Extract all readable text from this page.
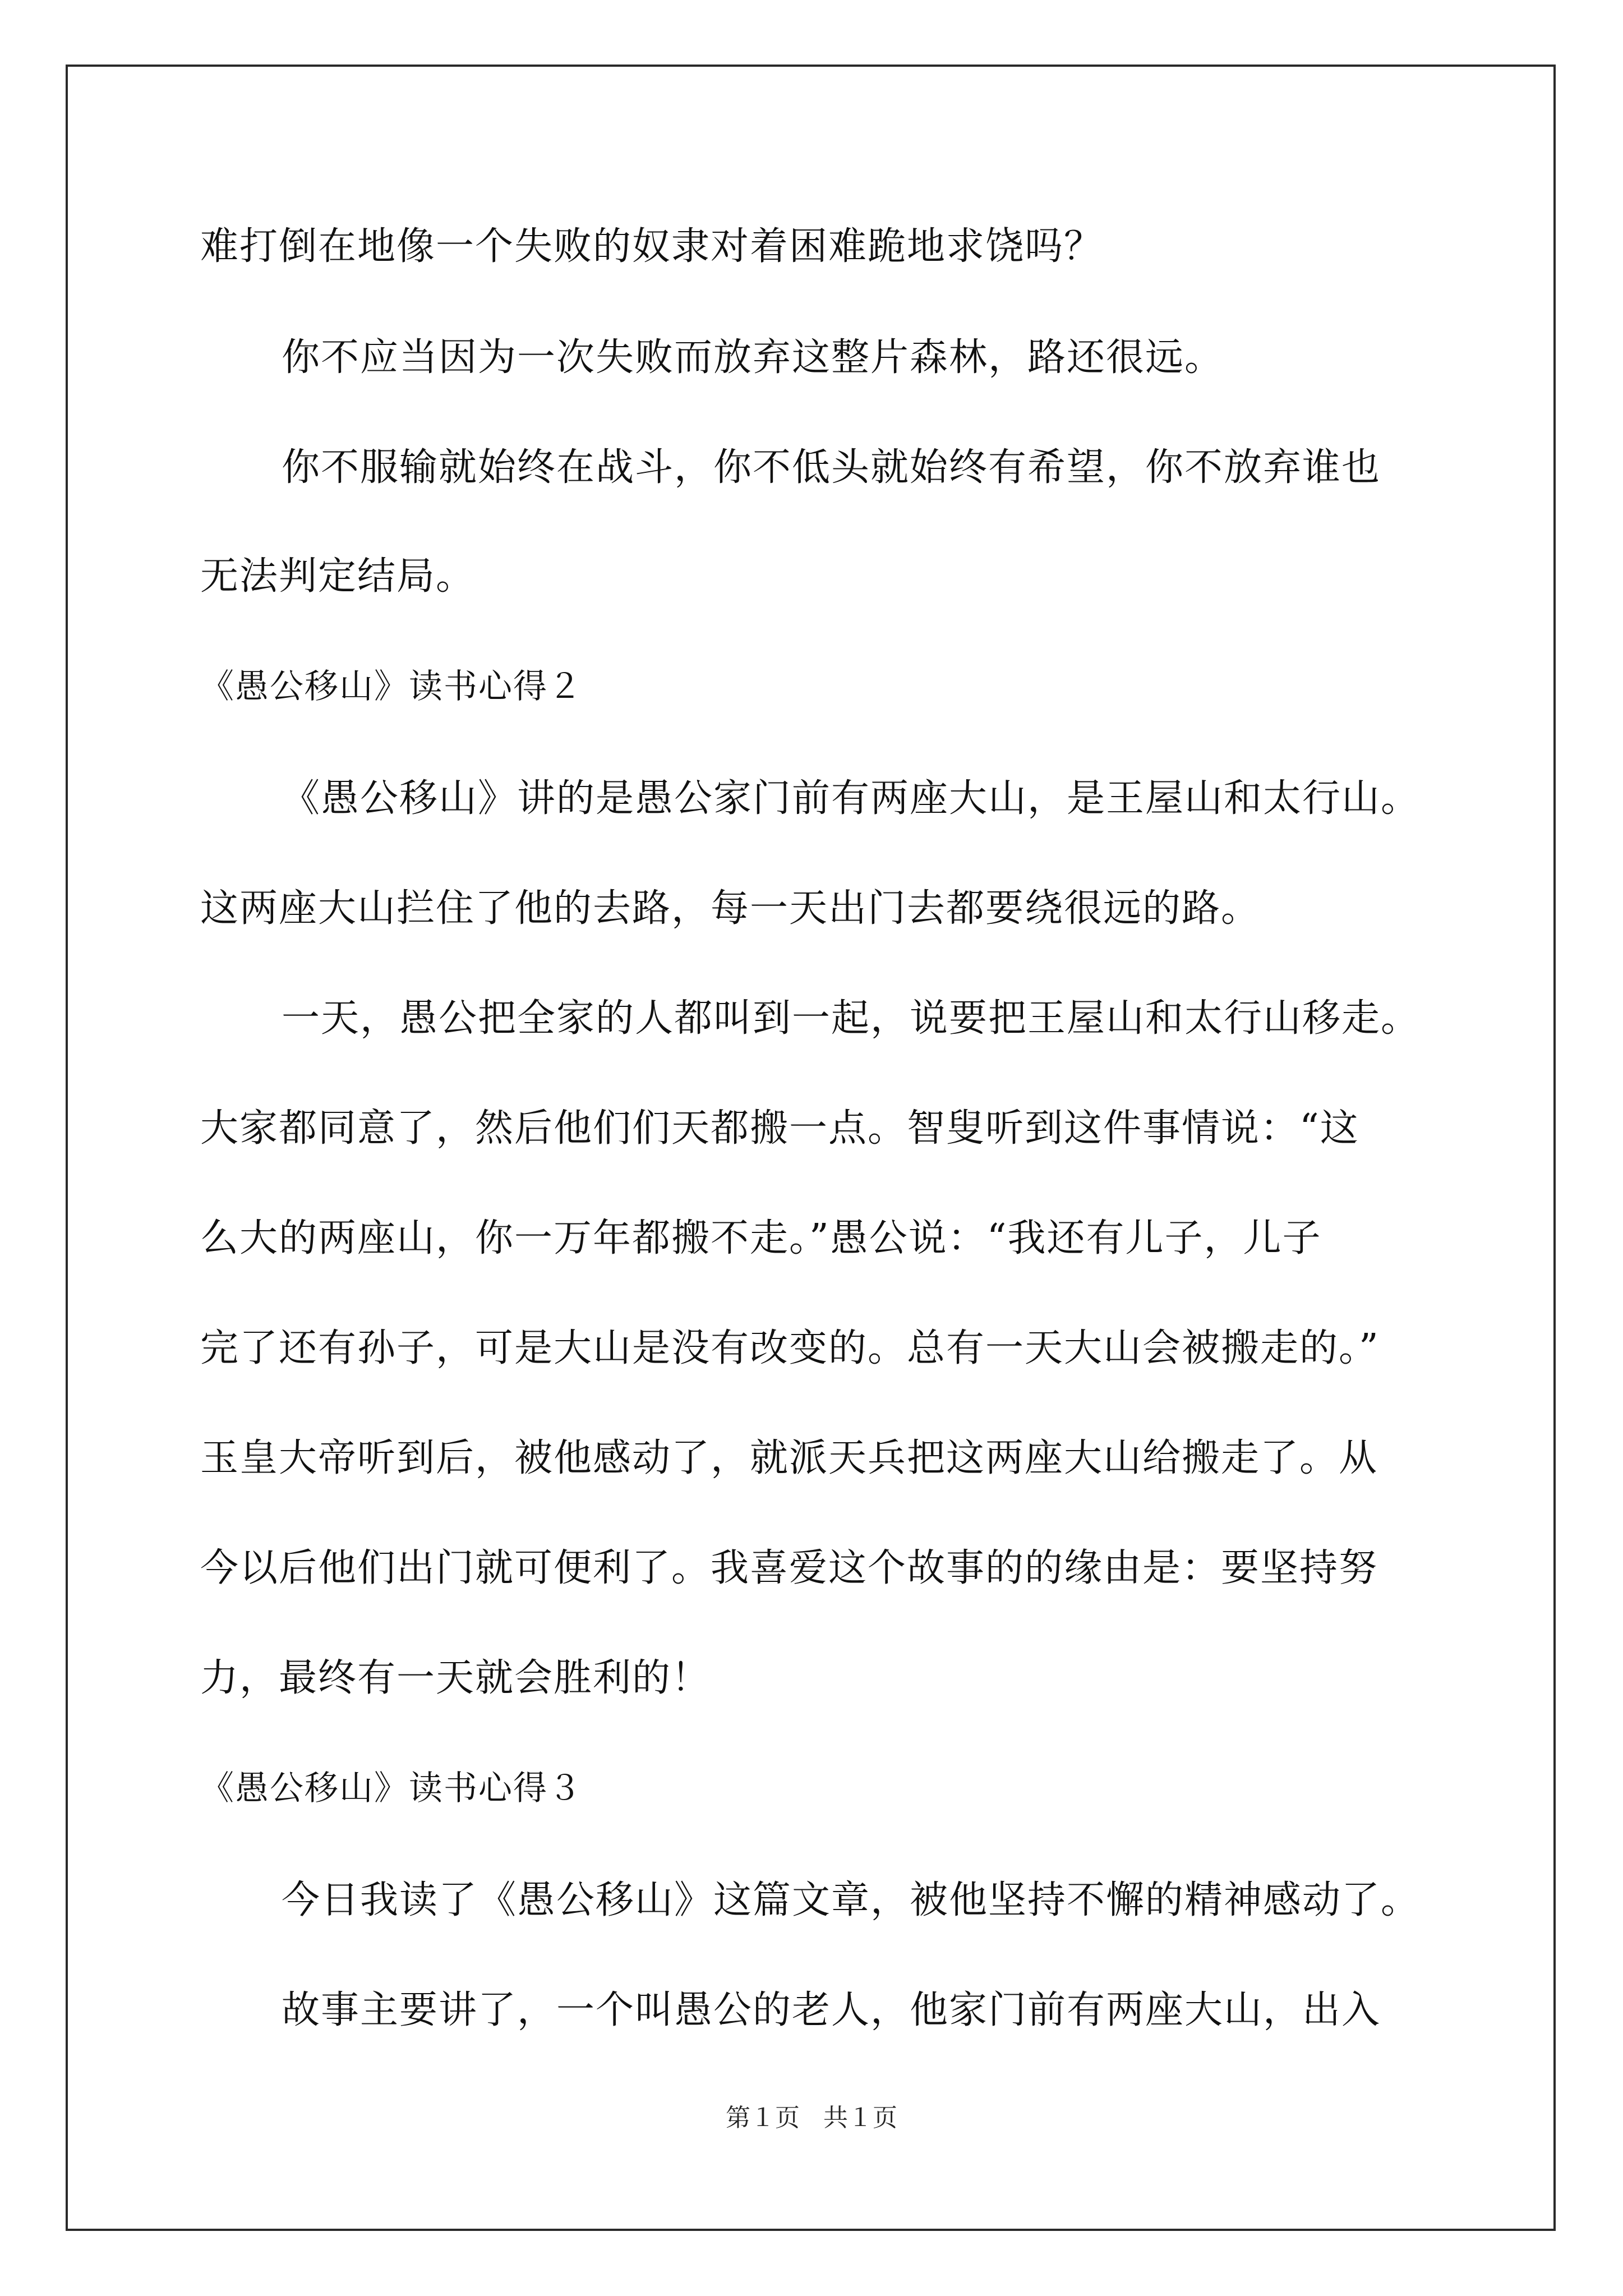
难打倒在地像一个失败的奴隶对着困难跪地求饶吗？

你不应当因为一次失败而放弃这整片森林，路还很远。

你不服输就始终在战斗，你不低头就始终有希望，你不放弃谁也

无法判定结局。

《愚公移山》读书心得２

《愚公移山》讲的是愚公家门前有两座大山，是王屋山和太行山。

这两座大山拦住了他的去路，每一天出门去都要绕很远的路。

一天，愚公把全家的人都叫到一起，说要把王屋山和太行山移走。

大家都同意了，然后他们们天都搬一点。智叟听到这件事情说：“这

么大的两座山，你一万年都搬不走。”愚公说：“我还有儿子，儿子

完了还有孙子，可是大山是没有改变的。总有一天大山会被搬走的。”

玉皇大帝听到后，被他感动了，就派天兵把这两座大山给搬走了。从

今以后他们出门就可便利了。我喜爱这个故事的的缘由是：要坚持努

力，最终有一天就会胜利的！

《愚公移山》读书心得３

今日我读了《愚公移山》这篇文章，被他坚持不懈的精神感动了。

故事主要讲了，一个叫愚公的老人，他家门前有两座大山，出入

第１页 共１页
